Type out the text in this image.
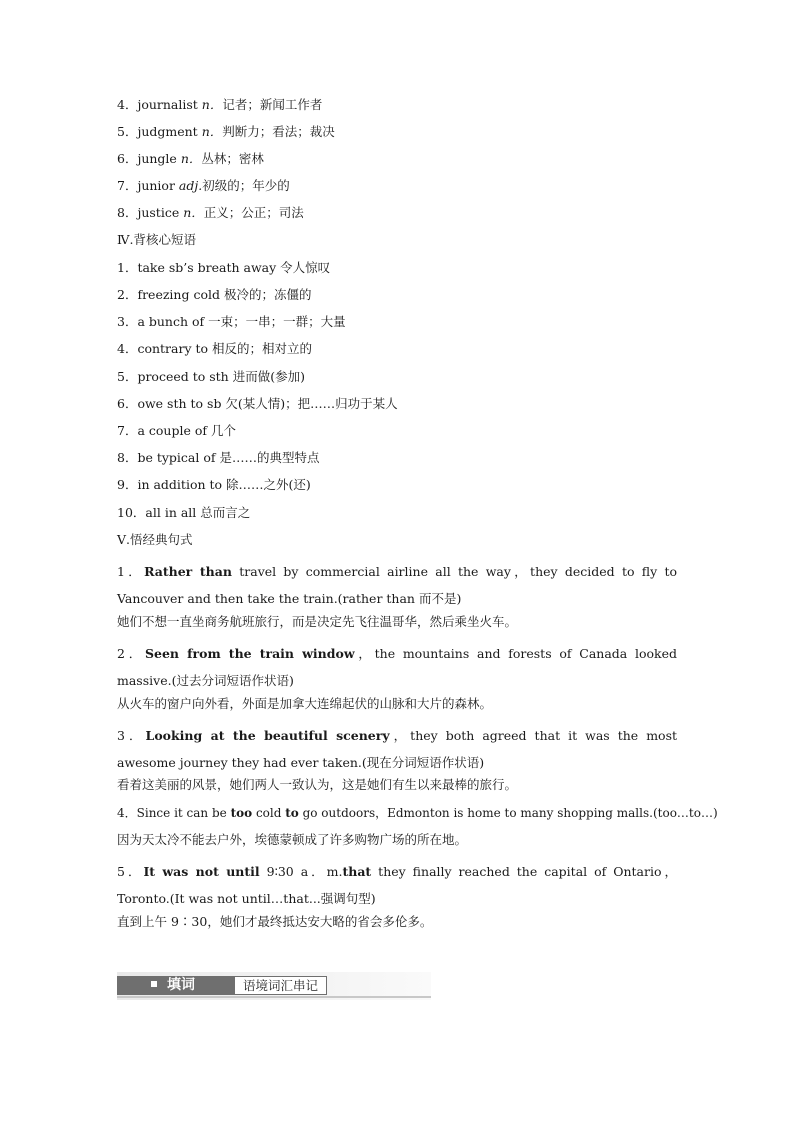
4．journalist n．记者；新闻工作者
5．judgment n．判断力；看法；裁决
6．jungle n．丛林；密林
7．junior adj.初级的；年少的
8．justice n．正义；公正；司法
Ⅳ.背核心短语
1．take sb’s breath away 令人惊叹
2．freezing cold 极冷的；冻僵的
3．a bunch of 一束；一串；一群；大量
4．contrary to 相反的；相对立的
5．proceed to sth 进而做(参加)
6．owe sth to sb 欠(某人情)；把……归功于某人
7．a couple of 几个
8．be typical of 是……的典型特点
9．in addition to 除……之外(还)
10．all in all 总而言之
Ⅴ.悟经典句式
1．Rather than travel by commercial airline all the way，they decided to fly to Vancouver and then take the train.(rather than 而不是)
她们不想一直坐商务航班旅行，而是决定先飞往温哥华，然后乘坐火车。
2．Seen from the train window，the mountains and forests of Canada looked massive.(过去分词短语作状语)
从火车的窗户向外看，外面是加拿大连绵起伏的山脉和大片的森林。
3．Looking at the beautiful scenery，they both agreed that it was the most awesome journey they had ever taken.(现在分词短语作状语)
看着这美丽的风景，她们两人一致认为，这是她们有生以来最棒的旅行。
4．Since it can be too cold to go outdoors，Edmonton is home to many shopping malls.(too…to…)
因为天太冷不能去户外，埃德蒙顿成了许多购物广场的所在地。
5．It was not until 9∶30 a．m.that they finally reached the capital of Ontario，Toronto.(It was not until…that...强调句型)
直到上午 9∶30，她们才最终抵达安大略的省会多伦多。
填词	语境词汇串记
